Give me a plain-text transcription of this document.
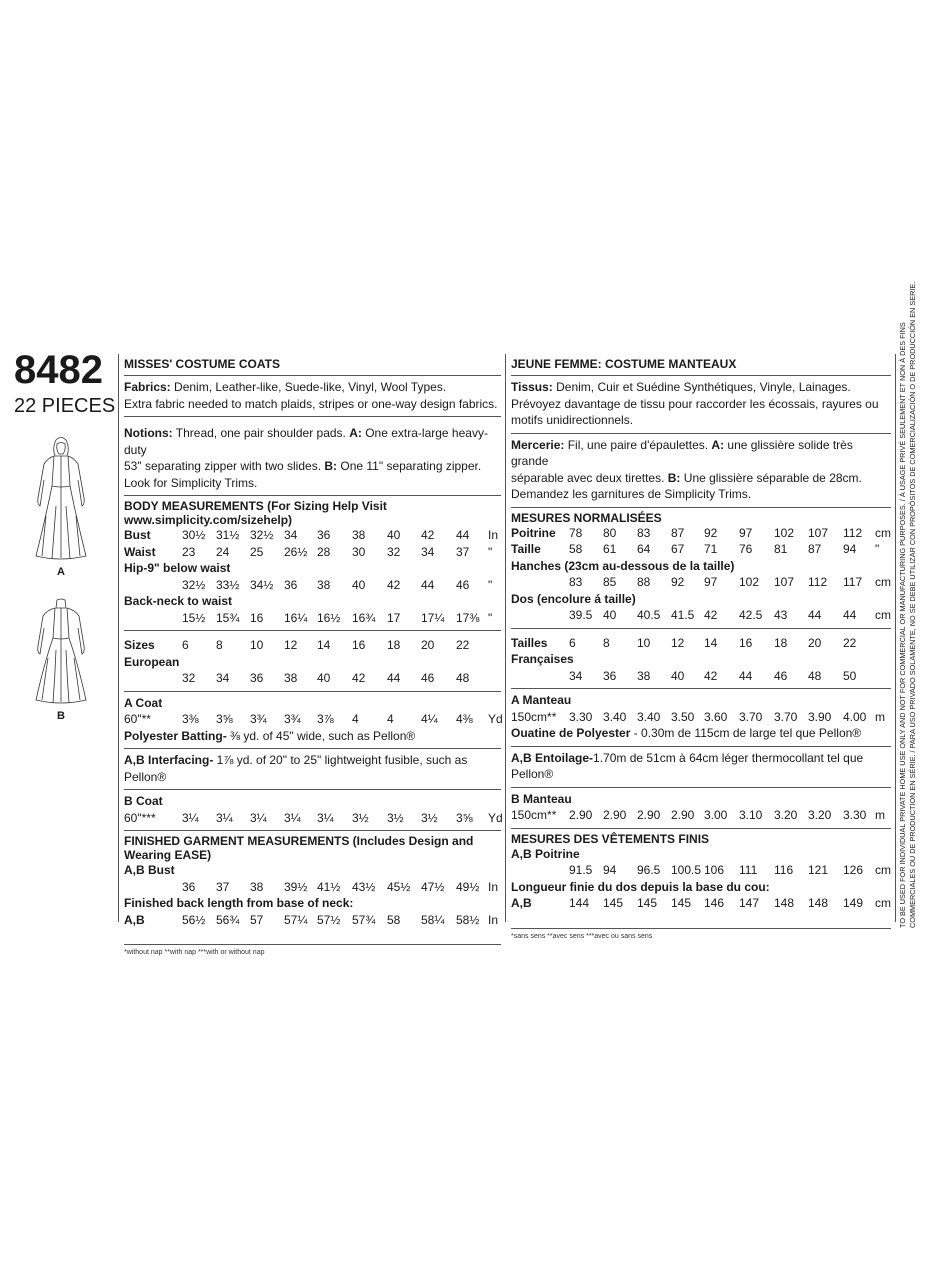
8482
22 PIECES
A
B
MISSES' COSTUME COATS
Fabrics: Denim, Leather-like, Suede-like, Vinyl, Wool Types.
Extra fabric needed to match plaids, stripes or one-way design fabrics.
Notions: Thread, one pair shoulder pads. A: One extra-large heavy-duty
53" separating zipper with two slides. B: One 11" separating zipper.
Look for Simplicity Trims.
BODY MEASUREMENTS (For Sizing Help Visit www.simplicity.com/sizehelp)
Bust	30½ 31½ 32½ 34	36	38	40	42	44	In
Waist	23	24	25	26½ 28	30	32	34	37	"
Hip-9" below waist
32½ 33½ 34½ 36	38	40	42	44	46	"
Back-neck to waist
15½ 15¾ 16	16¼ 16½ 16¾ 17	17¼ 17⅜ "
Sizes	6	8	10	12	14	16	18	20	22
European
32	34	36	38	40	42	44	46	48
A Coat
60"**	3⅜	3⅝	3¾	3¾	3⅞	4	4	4¼	4⅜	Yd
Polyester Batting- ⅜ yd. of 45" wide, such as Pellon®
A,B Interfacing- 1⅞ yd. of 20" to 25" lightweight fusible, such as
Pellon®
B Coat
60"***	3¼	3¼	3¼	3¼	3¼	3½	3½	3½	3⅝	Yd
FINISHED GARMENT MEASUREMENTS (Includes Design and Wearing EASE)
A,B Bust
36	37	38	39½ 41½ 43½ 45½ 47½ 49½ In
Finished back length from base of neck:
A,B	56½ 56¾ 57	57¼ 57½ 57¾ 58	58¼ 58½ In
*without nap **with nap ***with or without nap
JEUNE FEMME: COSTUME MANTEAUX
Tissus: Denim, Cuir et Suédine Synthétiques, Vinyle, Lainages.
Prévoyez davantage de tissu pour raccorder les écossais, rayures ou
motifs unidirectionnels.
Mercerie: Fil, une paire d'épaulettes. A: une glissière solide très grande
séparable avec deux tirettes. B: Une glissière séparable de 28cm.
Demandez les garnitures de Simplicity Trims.
MESURES NORMALISÉES
Poitrine	78	80	83	87	92	97	102	107	112	cm
Taille	58	61	64	67	71	76	81	87	94	"
Hanches (23cm au-dessous de la taille)
83	85	88	92	97	102	107	112	117	cm
Dos (encolure á taille)
39.5 40	40.5 41.5 42	42.5 43	44	44	cm
Tailles	6	8	10	12	14	16	18	20	22
Françaises
34	36	38	40	42	44	46	48	50
A Manteau
150cm**	3.30 3.40 3.40 3.50 3.60 3.70 3.70 3.90 4.00 m
Ouatine de Polyester - 0.30m de 115cm de large tel que Pellon®
A,B Entoilage-1.70m de 51cm à 64cm léger thermocollant tel que
Pellon®
B Manteau
150cm**	2.90 2.90 2.90 2.90 3.00 3.10 3.20 3.20 3.30 m
MESURES DES VÊTEMENTS FINIS
A,B Poitrine
91.5 94	96.5 100.5 106	111	116	121	126 cm
Longueur finie du dos depuis la base du cou:
A,B	144	145	145	145	146	147	148	148	149 cm
*sans sens **avec sens ***avec ou sans sens
TO BE USED FOR INDIVIDUAL PRIVATE HOME USE ONLY AND NOT FOR COMMERCIAL OR MANUFACTURING PURPOSES. / À USAGE PRIVÉ SEULEMENT ET NON À DES FINS COMMERCIALES OU DE PRODUCTION EN SÉRIE. / PARA USO PRIVADO SOLAMENTE, NO SE DEBE UTILIZAR CON PROPÓSITOS DE COMERCIALIZACIÓN O DE PRODUCCIÓN EN SERIE.
